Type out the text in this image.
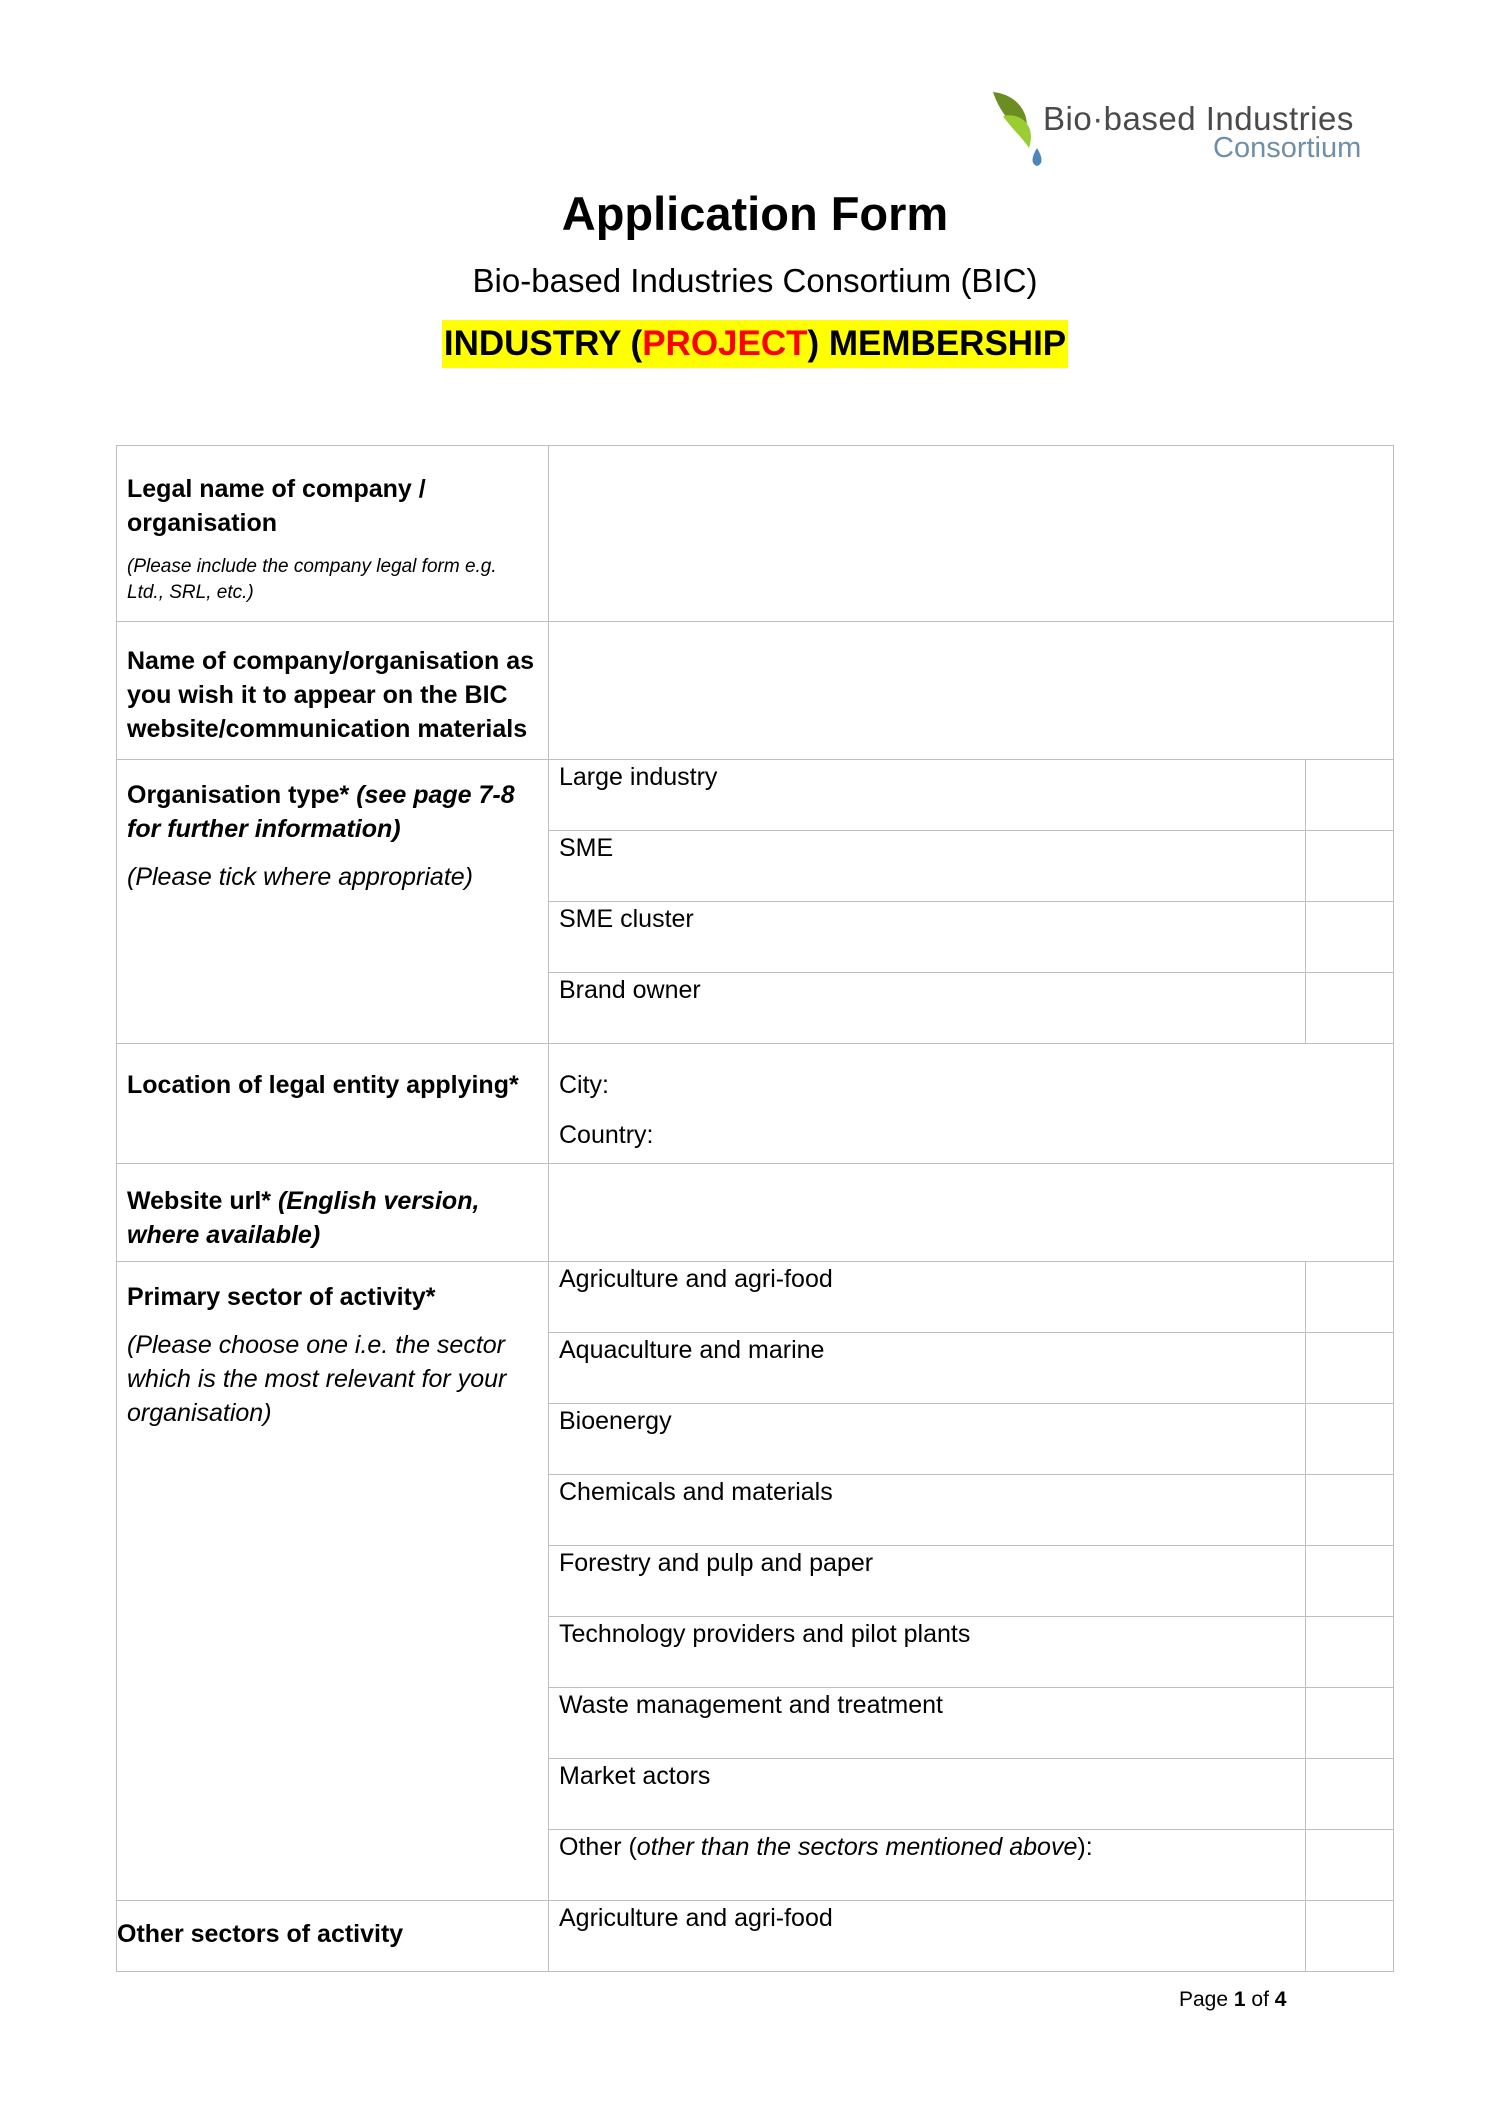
Bio·based Industries
Consortium
Application Form
Bio-based Industries Consortium (BIC)
INDUSTRY (PROJECT) MEMBERSHIP
Legal name of company / organisation
(Please include the company legal form e.g. Ltd., SRL, etc.)		

Name of company/organisation as you wish it to appear on the BIC website/communication materials		

Organisation type* (see page 7-8 for further information)
(Please tick where appropriate)	Large industry	
	SME	
	SME cluster	
	Brand owner	

Location of legal entity applying*	City:
Country:	

Website url* (English version, where available)		

Primary sector of activity*
(Please choose one i.e. the sector which is the most relevant for your organisation)	Agriculture and agri-food	
	Aquaculture and marine	
	Bioenergy	
	Chemicals and materials	
	Forestry and pulp and paper	
	Technology providers and pilot plants	
	Waste management and treatment	
	Market actors	
	Other (other than the sectors mentioned above):	

Other sectors of activity	Agriculture and agri-food	
Page 1 of 4
